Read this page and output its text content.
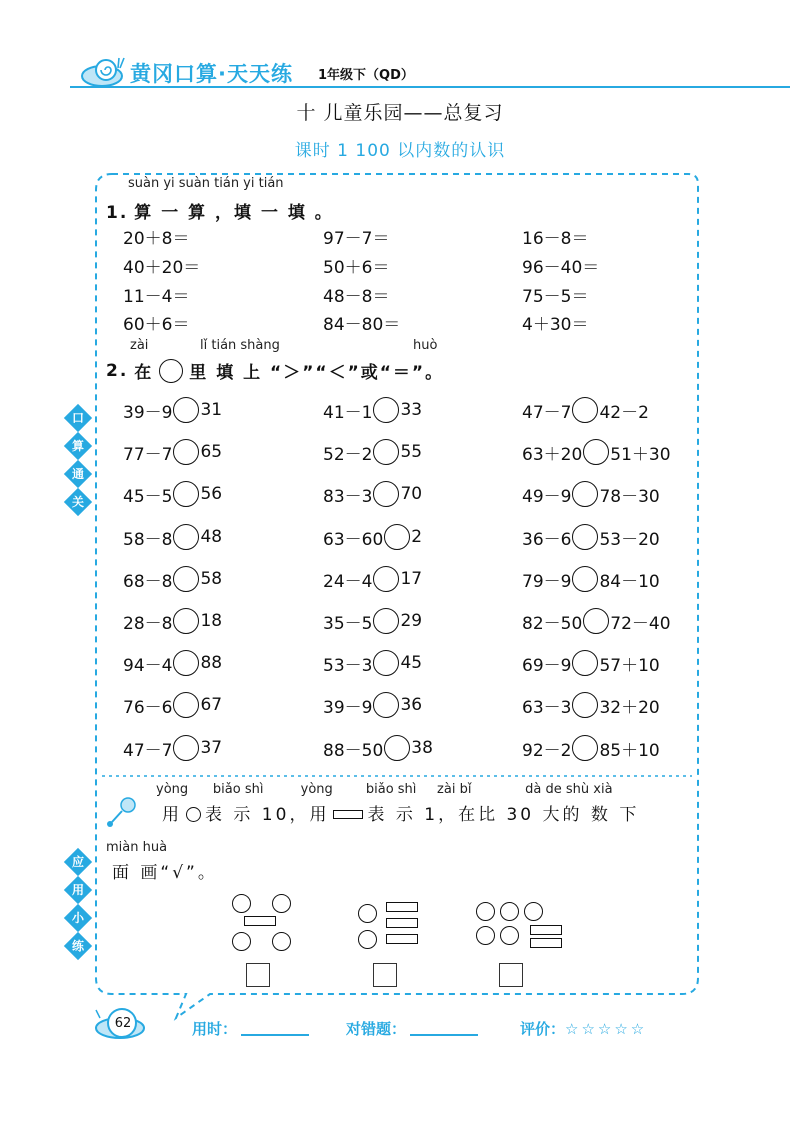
黄冈口算·天天练 1年级下（QD）
十 儿童乐园——总复习
课时 1 100 以内数的认识
suàn yi suàn tián yi tián
1. 算 一 算 ，填 一 填 。
20＋8＝	97－7＝	16－8＝
40＋20＝	50＋6＝	96－40＝
11－4＝	48－8＝	75－5＝
60＋6＝	84－80＝	4＋30＝
zài	lǐ tián shàng	huò
2. 在 里 填 上 “＞”“＜”或“＝”。
39－9 31	41－1 33	47－7 42－2
77－7 65	52－2 55	63＋20 51＋30
45－5 56	83－3 70	49－9 78－30
58－8 48	63－60 2	36－6 53－20
68－8 58	24－4 17	79－9 84－10
28－8 18	35－5 29	82－50 72－40
94－4 88	53－3 45	69－9 57＋10
76－6 67	39－9 36	63－3 32＋20
47－7 37	88－50 38	92－2 85＋10
口
算
通
关
应
用
小
练
yòng      biǎo shì         yòng        biǎo shì     zài bǐ             dà de shù xià
用 表 示 10，用 表 示 1，在比 30 大的 数 下
miàn huà
面 画“√”。
62	用时：	对错题：	评价：☆☆☆☆☆
